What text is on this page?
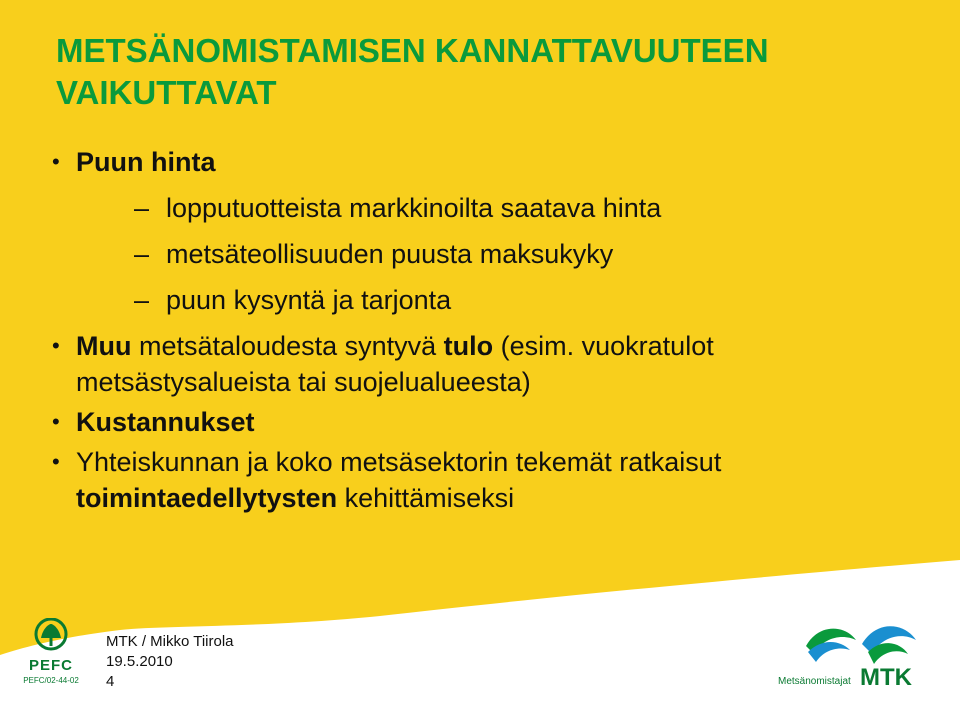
METSÄNOMISTAMISEN KANNATTAVUUTEEN VAIKUTTAVAT
• Puun hinta
– lopputuotteista markkinoilta saatava hinta
– metsäteollisuuden puusta maksukyky
– puun kysyntä ja tarjonta
• Muu metsätaloudesta syntyvä tulo (esim. vuokratulot metsästysalueista tai suojelualueesta)
• Kustannukset
• Yhteiskunnan ja koko metsäsektorin tekemät ratkaisut toimintaedellytysten kehittämiseksi
PEFC
PEFC/02-44-02
MTK / Mikko Tiirola
19.5.2010
4	Metsänomistajat MTK
